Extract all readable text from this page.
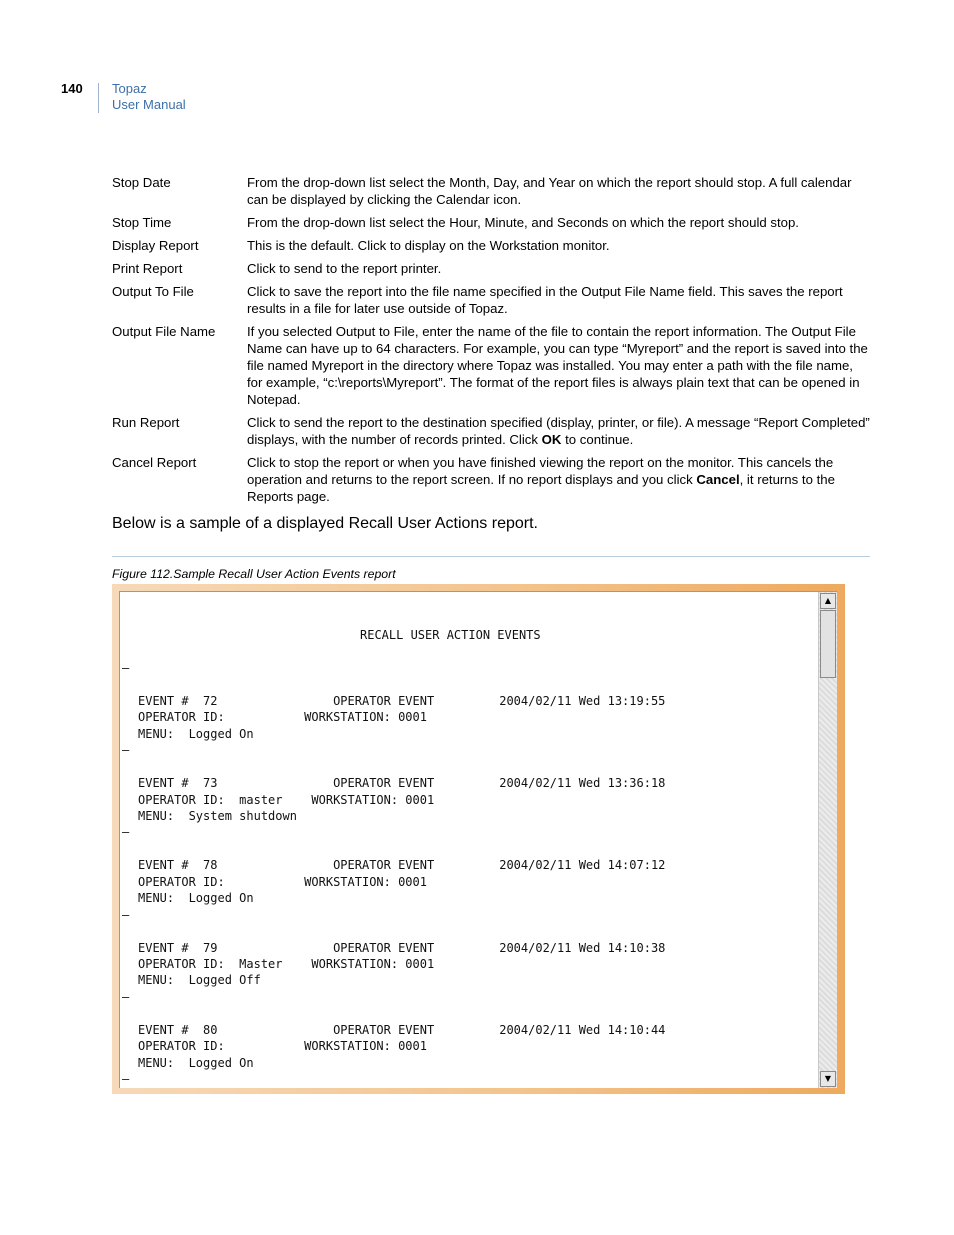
140 Topaz
User Manual
Stop Date	From the drop-down list select the Month, Day, and Year on which the report should stop. A full calendar can be displayed by clicking the Calendar icon.
Stop Time	From the drop-down list select the Hour, Minute, and Seconds on which the report should stop.
Display Report	This is the default. Click to display on the Workstation monitor.
Print Report	Click to send to the report printer.
Output To File	Click to save the report into the file name specified in the Output File Name field. This saves the report results in a file for later use outside of Topaz.
Output File Name	If you selected Output to File, enter the name of the file to contain the report information. The Output File Name can have up to 64 characters. For example, you can type “Myreport” and the report is saved into the file named Myreport in the directory where Topaz was installed. You may enter a path with the file name, for example, “c:\reports\Myreport”. The format of the report files is always plain text that can be opened in Notepad.
Run Report	Click to send the report to the destination specified (display, printer, or file). A message “Report Completed” displays, with the number of records printed. Click OK to continue.
Cancel Report	Click to stop the report or when you have finished viewing the report on the monitor. This cancels the operation and returns to the report screen. If no report displays and you click Cancel, it returns to the Reports page.
Below is a sample of a displayed Recall User Actions report.
Figure 112.Sample Recall User Action Events report
RECALL USER ACTION EVENTS
–
EVENT #  72                OPERATOR EVENT         2004/02/11 Wed 13:19:55
OPERATOR ID:           WORKSTATION: 0001
MENU:  Logged On
–
EVENT #  73                OPERATOR EVENT         2004/02/11 Wed 13:36:18
OPERATOR ID:  master    WORKSTATION: 0001
MENU:  System shutdown
–
EVENT #  78                OPERATOR EVENT         2004/02/11 Wed 14:07:12
OPERATOR ID:           WORKSTATION: 0001
MENU:  Logged On
–
EVENT #  79                OPERATOR EVENT         2004/02/11 Wed 14:10:38
OPERATOR ID:  Master    WORKSTATION: 0001
MENU:  Logged Off
–
EVENT #  80                OPERATOR EVENT         2004/02/11 Wed 14:10:44
OPERATOR ID:           WORKSTATION: 0001
MENU:  Logged On
–
▲
▼
